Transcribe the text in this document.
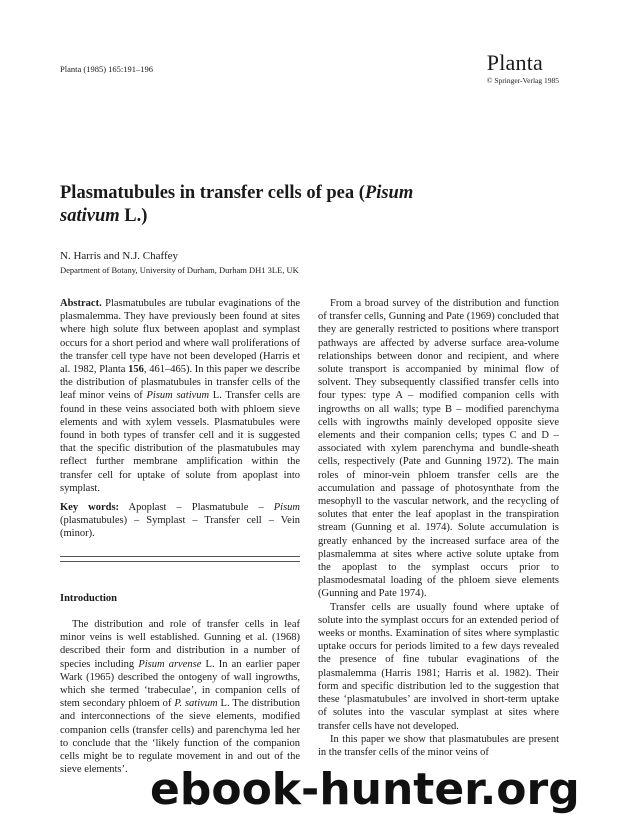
Planta (1985) 165:191–196	Planta
© Springer-Verlag 1985
Plasmatubules in transfer cells of pea (Pisum sativum L.)
N. Harris and N.J. Chaffey
Department of Botany, University of Durham, Durham DH1 3LE, UK

Abstract. Plasmatubules are tubular evaginations of the plasmalemma. They have previously been found at sites where high solute flux between apoplast and symplast occurs for a short period and where wall proliferations of the transfer cell type have not been developed (Harris et al. 1982, Planta 156, 461–465). In this paper we describe the distribution of plasmatubules in transfer cells of the leaf minor veins of Pisum sativum L. Transfer cells are found in these veins associated both with phloem sieve elements and with xylem vessels. Plasmatubules were found in both types of transfer cell and it is suggested that the specific distribution of the plasmatubules may reflect further membrane amplification within the transfer cell for uptake of solute from apoplast into symplast.

Key words: Apoplast – Plasmatubule – Pisum (plasmatubules) – Symplast – Transfer cell – Vein (minor).

Introduction

The distribution and role of transfer cells in leaf minor veins is well established. Gunning et al. (1968) described their form and distribution in a number of species including Pisum arvense L. In an earlier paper Wark (1965) described the ontogeny of wall ingrowths, which she termed ‘trabeculae’, in companion cells of stem secondary phloem of P. sativum L. The distribution and interconnections of the sieve elements, modified companion cells (transfer cells) and parenchyma led her to conclude that the ‘likely function of the companion cells might be to regulate movement in and out of the sieve elements’.

From a broad survey of the distribution and function of transfer cells, Gunning and Pate (1969) concluded that they are generally restricted to positions where transport pathways are affected by adverse surface area-volume relationships between donor and recipient, and where solute transport is accompanied by minimal flow of solvent. They subsequently classified transfer cells into four types: type A – modified companion cells with ingrowths on all walls; type B – modified parenchyma cells with ingrowths mainly developed opposite sieve elements and their companion cells; types C and D – associated with xylem parenchyma and bundle-sheath cells, respectively (Pate and Gunning 1972). The main roles of minor-vein phloem transfer cells are the accumulation and passage of photosynthate from the mesophyll to the vascular network, and the recycling of solutes that enter the leaf apoplast in the transpiration stream (Gunning et al. 1974). Solute accumulation is greatly enhanced by the increased surface area of the plasmalemma at sites where active solute uptake from the apoplast to the symplast occurs prior to plasmodesmatal loading of the phloem sieve elements (Gunning and Pate 1974).

Transfer cells are usually found where uptake of solute into the symplast occurs for an extended period of weeks or months. Examination of sites where symplastic uptake occurs for periods limited to a few days revealed the presence of fine tubular evaginations of the plasmalemma (Harris 1981; Harris et al. 1982). Their form and specific distribution led to the suggestion that these ‘plasmatubules’ are involved in short-term uptake of solutes into the vascular symplast at sites where transfer cells have not developed.

In this paper we show that plasmatubules are present in the transfer cells of the minor veins of

ebook-hunter.org
